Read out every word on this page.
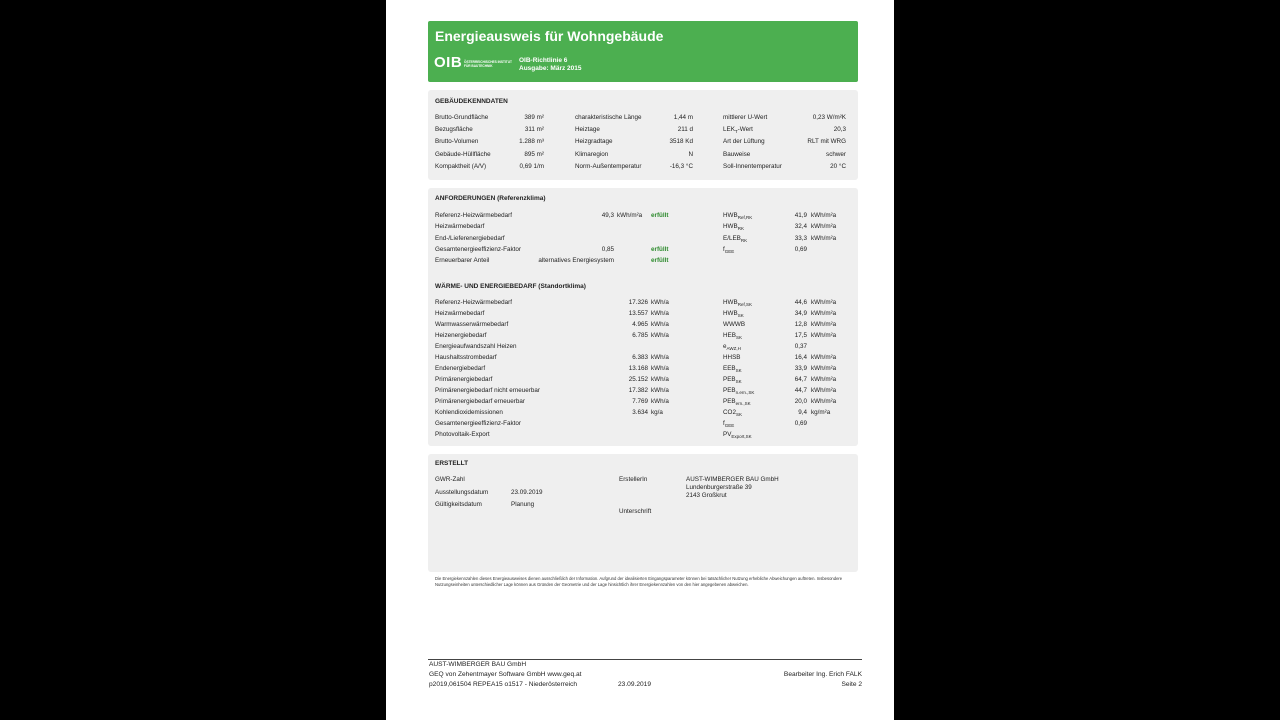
Energieausweis für Wohngebäude
OIB ÖSTERREICHISCHES INSTITUT FÜR BAUTECHNIK
OIB-Richtlinie 6
Ausgabe: März 2015
GEBÄUDEKENNDATEN
Brutto-Grundfläche	389 m²
Bezugsfläche	311 m²
Brutto-Volumen	1.288 m³
Gebäude-Hüllfläche	895 m²
Kompaktheit (A/V)	0,69 1/m
charakteristische Länge	1,44 m
Heiztage	211 d
Heizgradtage	3518 Kd
Klimaregion	N
Norm-Außentemperatur	-16,3 °C
mittlerer U-Wert	0,23 W/m²K
$LEK_T$-Wert	20,3
Art der Lüftung	RLT mit WRG
Bauweise	schwer
Soll-Innentemperatur	20 °C
ANFORDERUNGEN (Referenzklima)
Referenz-Heizwärmebedarf	49,3 kWh/m²a erfüllt	$HWB_{Ref,RK}$	41,9 kWh/m²a
Heizwärmebedarf	$HWB_{RK}$	32,4 kWh/m²a
End-/Lieferenergiebedarf	$E/LEB_{RK}$	33,3 kWh/m²a
Gesamtenergieeffizienz-Faktor	0,85	erfüllt	$f_{GEE}$	0,69
Erneuerbarer Anteil	alternatives Energiesystem	erfüllt
WÄRME- UND ENERGIEBEDARF (Standortklima)
Referenz-Heizwärmebedarf	17.326 kWh/a	$HWB_{Ref,SK}$	44,6 kWh/m²a
Heizwärmebedarf	13.557 kWh/a	$HWB_{SK}$	34,9 kWh/m²a
Warmwasserwärmebedarf	4.965 kWh/a	WWWB	12,8 kWh/m²a
Heizenergiebedarf	6.785 kWh/a	$HEB_{SK}$	17,5 kWh/m²a
Energieaufwandszahl Heizen	$e_{AWZ,H}$	0,37
Haushaltsstrombedarf	6.383 kWh/a	HHSB	16,4 kWh/m²a
Endenergiebedarf	13.168 kWh/a	$EEB_{SK}$	33,9 kWh/m²a
Primärenergiebedarf	25.152 kWh/a	$PEB_{SK}$	64,7 kWh/m²a
Primärenergiebedarf nicht erneuerbar	17.382 kWh/a	$PEB_{n.ern.,SK}$	44,7 kWh/m²a
Primärenergiebedarf erneuerbar	7.769 kWh/a	$PEB_{ern.,SK}$	20,0 kWh/m²a
Kohlendioxidemissionen	3.634 kg/a	$CO2_{SK}$	9,4 kg/m²a
Gesamtenergieeffizienz-Faktor	$f_{GEE}$	0,69
Photovoltaik-Export	$PV_{Export,SK}$
ERSTELLT
GWR-Zahl
Ausstellungsdatum	23.09.2019
Gültigkeitsdatum	Planung
ErstellerIn	AUST-WIMBERGER BAU GmbH
Lundenburgerstraße 39
2143 Großkrut
Unterschrift
Die Energiekennzahlen dieses Energieausweises dienen ausschließlich der Information. Aufgrund der idealisierten Eingangsparameter können bei tatsächlicher Nutzung erhebliche Abweichungen auftreten. Insbesondere Nutzungseinheiten unterschiedlicher Lage können aus Gründen der Geometrie und der Lage hinsichtlich ihrer Energiekennzahlen von den hier angegebenen abweichen.
AUST-WIMBERGER BAU GmbH
GEQ von Zehentmayer Software GmbH www.geq.at
p2019,061504 REPEA15 o1517 - Niederösterreich	23.09.2019
Bearbeiter Ing. Erich FALK
Seite 2
